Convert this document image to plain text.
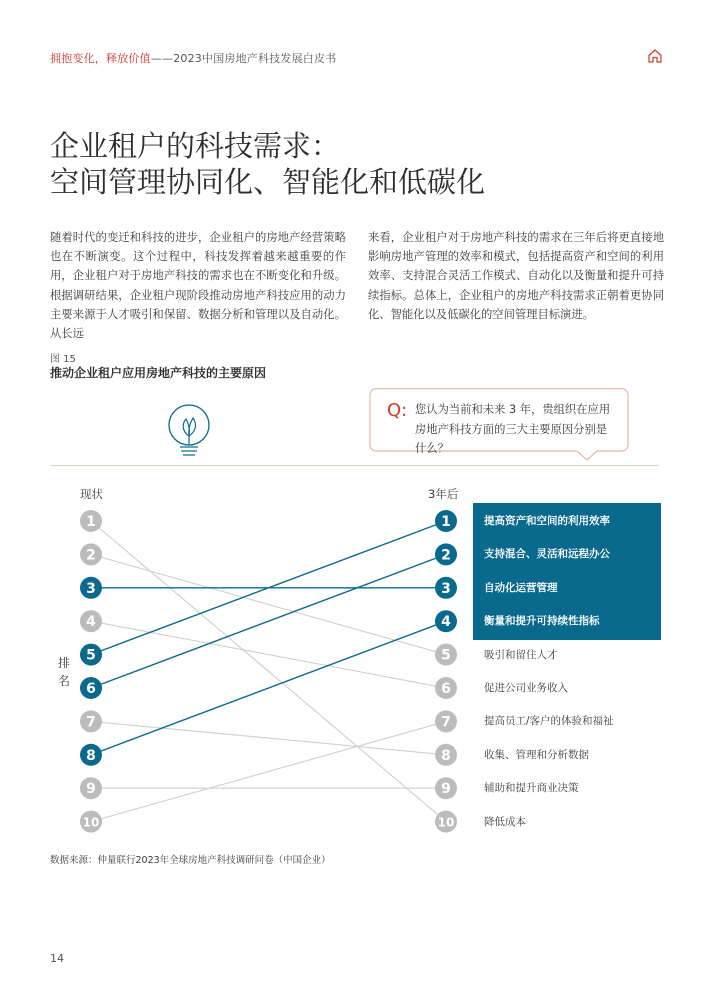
拥抱变化，释放价值——2023中国房地产科技发展白皮书
企业租户的科技需求：
空间管理协同化、智能化和低碳化
随着时代的变迁和科技的进步，企业租户的房地产经营策略也在不断演变。这个过程中，科技发挥着越来越重要的作用，企业租户对于房地产科技的需求也在不断变化和升级。根据调研结果，企业租户现阶段推动房地产科技应用的动力主要来源于人才吸引和保留、数据分析和管理以及自动化。从长远
来看，企业租户对于房地产科技的需求在三年后将更直接地影响房地产管理的效率和模式，包括提高资产和空间的利用效率、支持混合灵活工作模式、自动化以及衡量和提升可持续指标。总体上，企业租户的房地产科技需求正朝着更协同化、智能化以及低碳化的空间管理目标演进。
图 15
推动企业租户应用房地产科技的主要原因
Q: 您认为当前和未来 3 年，贵组织在应用房地产科技方面的三大主要原因分别是什么？
现状	3年后
排名
提高资产和空间的利用效率
支持混合、灵活和远程办公
自动化运营管理
衡量和提升可持续性指标
吸引和留住人才
促进公司业务收入
提高员工/客户的体验和福祉
收集、管理和分析数据
辅助和提升商业决策
降低成本
1	1
2	2
3	3
4	4
5	5
6	6
7	7
8	8
9	9
10	10
数据来源：仲量联行2023年全球房地产科技调研问卷（中国企业）
14
